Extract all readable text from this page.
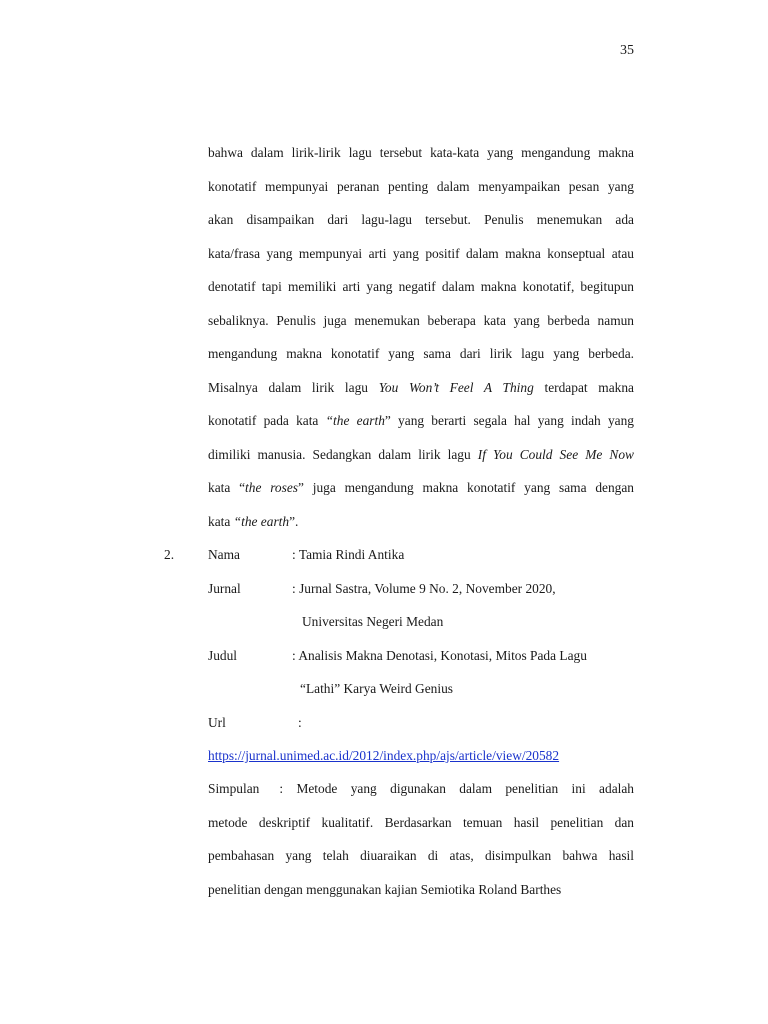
35
bahwa dalam lirik-lirik lagu tersebut kata-kata yang mengandung makna
konotatif mempunyai peranan penting dalam menyampaikan pesan yang
akan disampaikan dari lagu-lagu tersebut. Penulis menemukan ada
kata/frasa yang mempunyai arti yang positif dalam makna konseptual atau
denotatif tapi memiliki arti yang negatif dalam makna konotatif, begitupun
sebaliknya. Penulis juga menemukan beberapa kata yang berbeda namun
mengandung makna konotatif yang sama dari lirik lagu yang berbeda.
Misalnya dalam lirik lagu You Won’t Feel A Thing terdapat makna
konotatif pada kata “the earth” yang berarti segala hal yang indah yang
dimiliki manusia. Sedangkan dalam lirik lagu If You Could See Me Now
kata “the roses” juga mengandung makna konotatif yang sama dengan
kata “the earth”.
2.	Nama	: Tamia Rindi Antika
Jurnal	: Jurnal Sastra, Volume 9 No. 2, November 2020,
Universitas Negeri Medan
Judul	: Analisis Makna Denotasi, Konotasi, Mitos Pada Lagu
“Lathi” Karya Weird Genius
Url	:
https://jurnal.unimed.ac.id/2012/index.php/ajs/article/view/20582
Simpulan : Metode yang digunakan dalam penelitian ini adalah
metode deskriptif kualitatif. Berdasarkan temuan hasil penelitian dan
pembahasan yang telah diuaraikan di atas, disimpulkan bahwa hasil
penelitian dengan menggunakan kajian Semiotika Roland Barthes
